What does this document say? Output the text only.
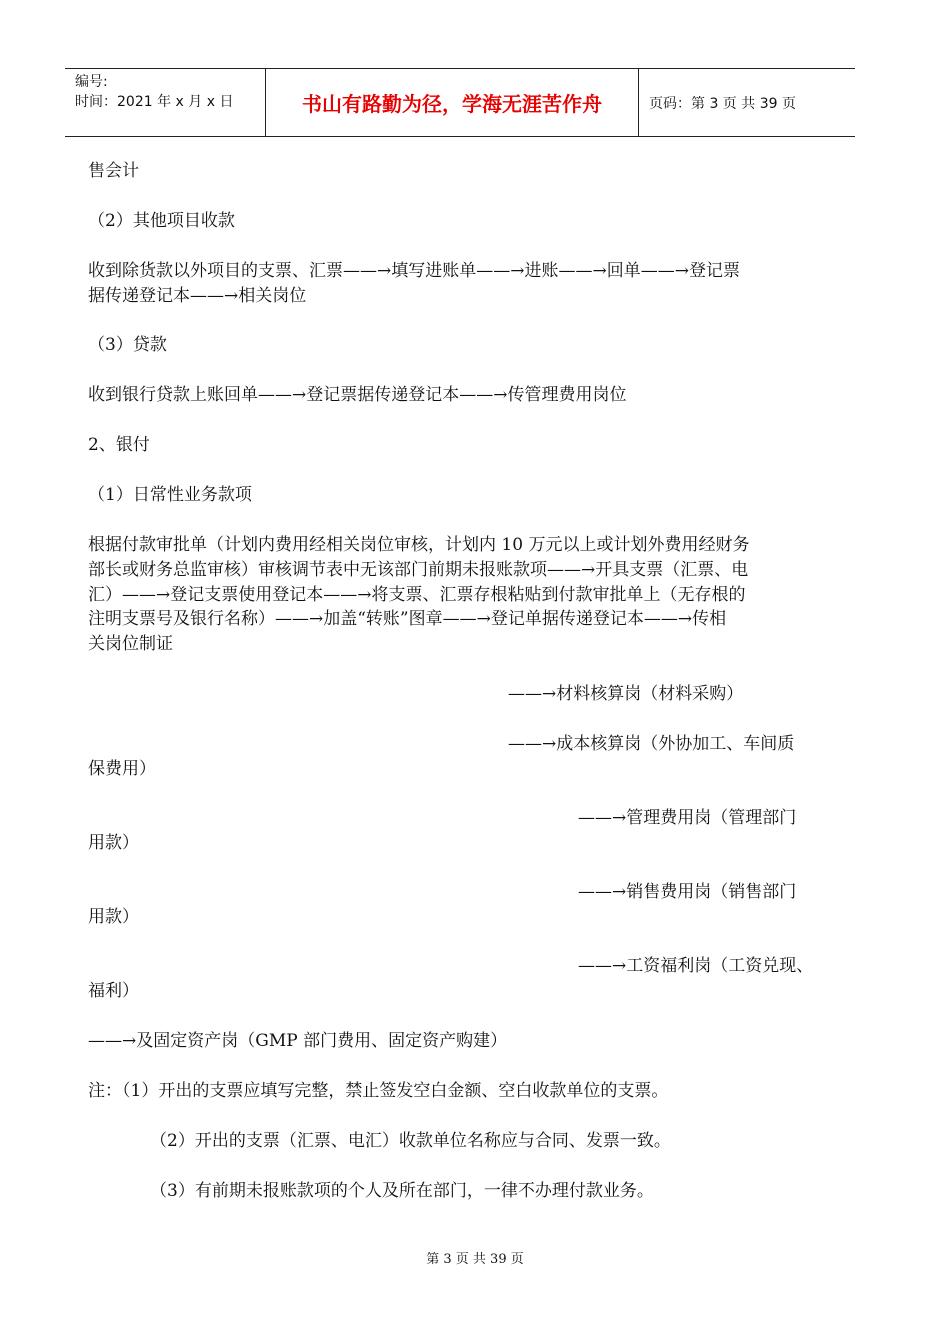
编号:
时间：2021 年 x 月 x 日	书山有路勤为径，学海无涯苦作舟	页码：第 3 页 共 39 页
售会计
（2）其他项目收款
收到除货款以外项目的支票、汇票——→填写进账单——→进账——→回单——→登记票
据传递登记本——→相关岗位
（3）贷款
收到银行贷款上账回单——→登记票据传递登记本——→传管理费用岗位
2、银付
（1）日常性业务款项
根据付款审批单（计划内费用经相关岗位审核，计划内 10 万元以上或计划外费用经财务
部长或财务总监审核）审核调节表中无该部门前期未报账款项——→开具支票（汇票、电
汇）——→登记支票使用登记本——→将支票、汇票存根粘贴到付款审批单上（无存根的
注明支票号及银行名称）——→加盖“转账”图章——→登记单据传递登记本——→传相
关岗位制证
——→材料核算岗（材料采购）
——→成本核算岗（外协加工、车间质
保费用）
——→管理费用岗（管理部门
用款）
——→销售费用岗（销售部门
用款）
——→工资福利岗（工资兑现、
福利）
——→及固定资产岗（GMP 部门费用、固定资产购建）
注：（1）开出的支票应填写完整，禁止签发空白金额、空白收款单位的支票。
（2）开出的支票（汇票、电汇）收款单位名称应与合同、发票一致。
（3）有前期未报账款项的个人及所在部门，一律不办理付款业务。
第 3 页 共 39 页
